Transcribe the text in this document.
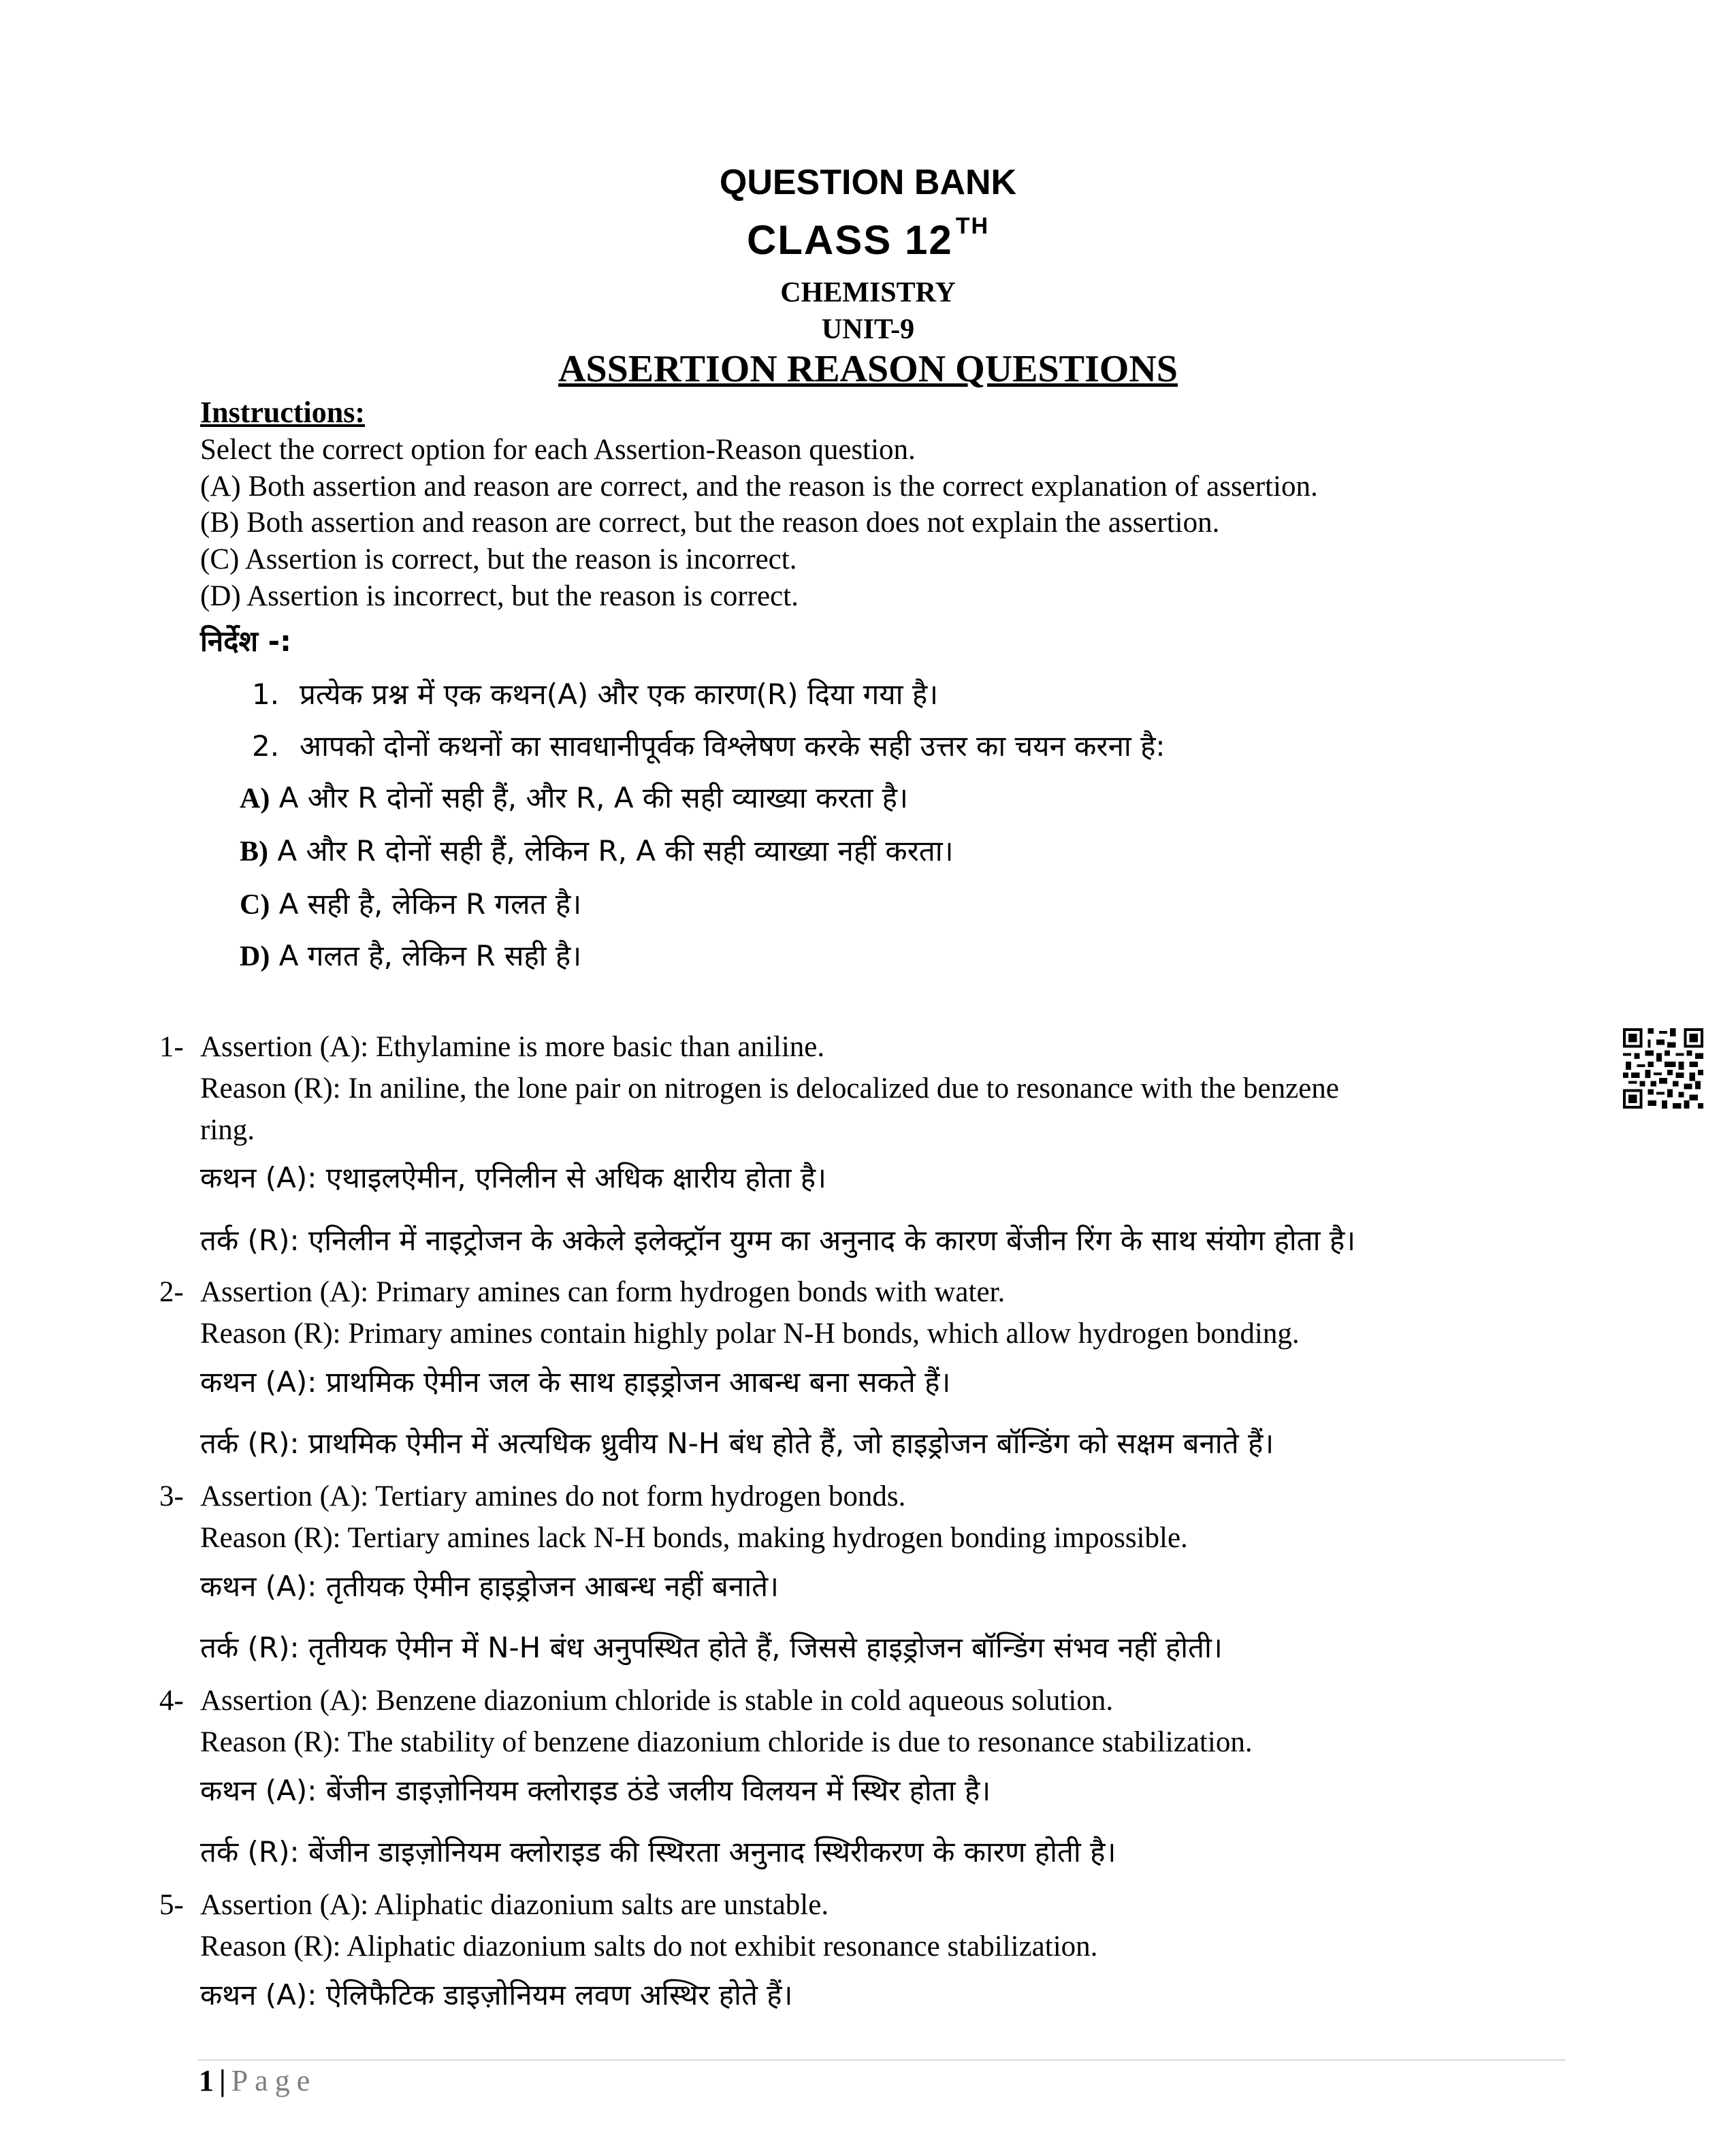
QUESTION BANK
CLASS 12 $^{TH}$
CHEMISTRY
UNIT-9
ASSERTION REASON QUESTIONS
Instructions:
Select the correct option for each Assertion-Reason question.
(A) Both assertion and reason are correct, and the reason is the correct explanation of assertion.
(B) Both assertion and reason are correct, but the reason does not explain the assertion.
(C) Assertion is correct, but the reason is incorrect.
(D) Assertion is incorrect, but the reason is correct.
निर्देश -:
1. प्रत्येक प्रश्न में एक कथन(A) और एक कारण(R) दिया गया है।
2. आपको दोनों कथनों का सावधानीपूर्वक विश्लेषण करके सही उत्तर का चयन करना है:
A) A और R दोनों सही हैं, और R, A की सही व्याख्या करता है।
B) A और R दोनों सही हैं, लेकिन R, A की सही व्याख्या नहीं करता।
C) A सही है, लेकिन R गलत है।
D) A गलत है, लेकिन R सही है।
1- Assertion (A): Ethylamine is more basic than aniline.
Reason (R): In aniline, the lone pair on nitrogen is delocalized due to resonance with the benzene
ring.
कथन (A): एथाइलऐमीन, एनिलीन से अधिक क्षारीय होता है।
तर्क (R): एनिलीन में नाइट्रोजन के अकेले इलेक्ट्रॉन युग्म का अनुनाद के कारण बेंजीन रिंग के साथ संयोग होता है।
2- Assertion (A): Primary amines can form hydrogen bonds with water.
Reason (R): Primary amines contain highly polar N-H bonds, which allow hydrogen bonding.
कथन (A): प्राथमिक ऐमीन जल के साथ हाइड्रोजन आबन्ध बना सकते हैं।
तर्क (R): प्राथमिक ऐमीन में अत्यधिक ध्रुवीय N-H बंध होते हैं, जो हाइड्रोजन बॉन्डिंग को सक्षम बनाते हैं।
3- Assertion (A): Tertiary amines do not form hydrogen bonds.
Reason (R): Tertiary amines lack N-H bonds, making hydrogen bonding impossible.
कथन (A): तृतीयक ऐमीन हाइड्रोजन आबन्ध नहीं बनाते।
तर्क (R): तृतीयक ऐमीन में N-H बंध अनुपस्थित होते हैं, जिससे हाइड्रोजन बॉन्डिंग संभव नहीं होती।
4- Assertion (A): Benzene diazonium chloride is stable in cold aqueous solution.
Reason (R): The stability of benzene diazonium chloride is due to resonance stabilization.
कथन (A): बेंजीन डाइज़ोनियम क्लोराइड ठंडे जलीय विलयन में स्थिर होता है।
तर्क (R): बेंजीन डाइज़ोनियम क्लोराइड की स्थिरता अनुनाद स्थिरीकरण के कारण होती है।
5- Assertion (A): Aliphatic diazonium salts are unstable.
Reason (R): Aliphatic diazonium salts do not exhibit resonance stabilization.
कथन (A): ऐलिफैटिक डाइज़ोनियम लवण अस्थिर होते हैं।
1 | Page
